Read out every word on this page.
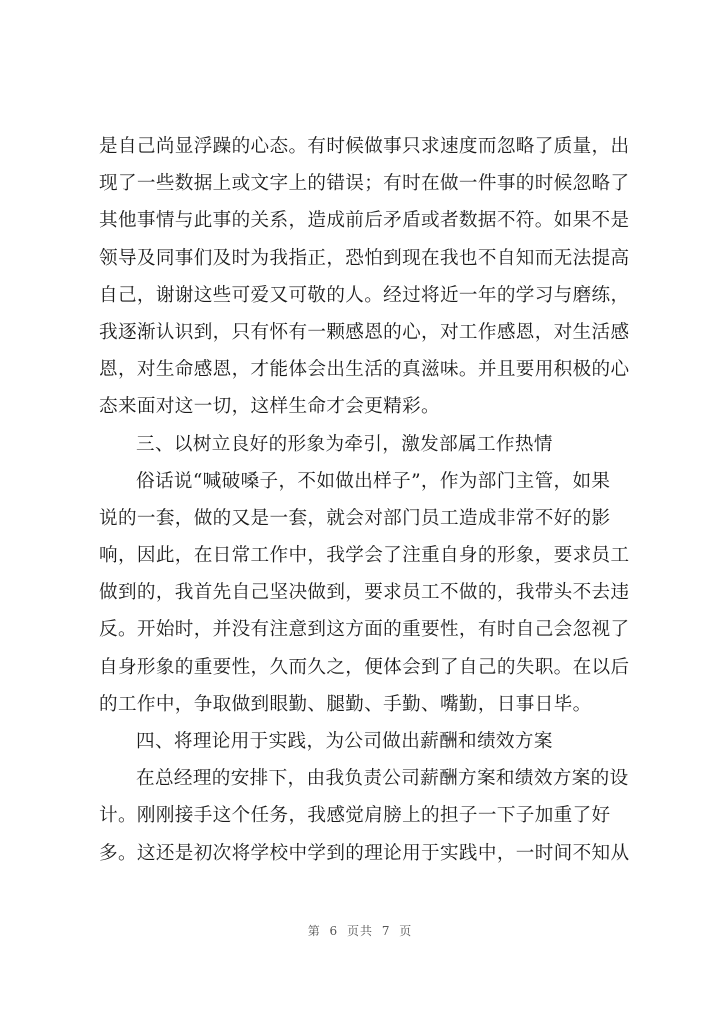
是自己尚显浮躁的心态。有时候做事只求速度而忽略了质量，出
现了一些数据上或文字上的错误；有时在做一件事的时候忽略了
其他事情与此事的关系，造成前后矛盾或者数据不符。如果不是
领导及同事们及时为我指正，恐怕到现在我也不自知而无法提高
自己，谢谢这些可爱又可敬的人。经过将近一年的学习与磨练，
我逐渐认识到，只有怀有一颗感恩的心，对工作感恩，对生活感
恩，对生命感恩，才能体会出生活的真滋味。并且要用积极的心
态来面对这一切，这样生命才会更精彩。
三、以树立良好的形象为牵引，激发部属工作热情
俗话说“喊破嗓子，不如做出样子”，作为部门主管，如果
说的一套，做的又是一套，就会对部门员工造成非常不好的影
响，因此，在日常工作中，我学会了注重自身的形象，要求员工
做到的，我首先自己坚决做到，要求员工不做的，我带头不去违
反。开始时，并没有注意到这方面的重要性，有时自己会忽视了
自身形象的重要性，久而久之，便体会到了自己的失职。在以后
的工作中，争取做到眼勤、腿勤、手勤、嘴勤，日事日毕。
四、将理论用于实践，为公司做出薪酬和绩效方案
在总经理的安排下，由我负责公司薪酬方案和绩效方案的设
计。刚刚接手这个任务，我感觉肩膀上的担子一下子加重了好
多。这还是初次将学校中学到的理论用于实践中，一时间不知从
第 6 页共 7 页
